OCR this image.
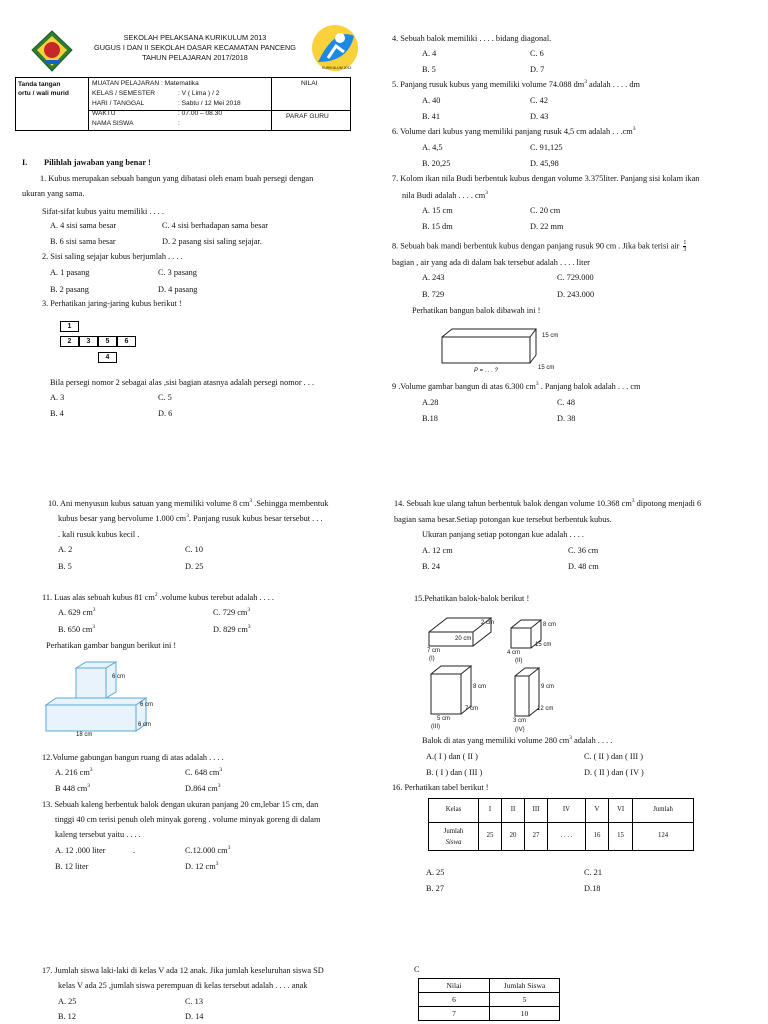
SEKOLAH PELAKSANA KURIKULUM 2013
GUGUS I DAN II SEKOLAH DASAR KECAMATAN PANCENG
TAHUN PELAJARAN 2017/2018
KURIKULUM 2013
Tanda tangan
ortu / wali murid
MUATAN PELAJARAN : Matematika
KELAS / SEMESTER	: V ( Lima ) / 2
HARI / TANGGAL	: Sabtu / 12 Mei 2018
WAKTU	: 07.00 – 08.30
NAMA SISWA	:
NILAI
PARAF GURU
I. Pilihlah jawaban yang benar !
1. Kubus merupakan sebuah bangun yang dibatasi oleh enam buah persegi dengan
ukuran yang sama.
Sifat-sifat kubus yaitu memiliki . . . .
A. 4 sisi sama besar	C. 4 sisi berhadapan sama besar
B. 6 sisi sama besar	D. 2 pasang sisi saling sejajar.
2. Sisi saling sejajar kubus berjumlah . . . .
A. 1 pasang	C. 3 pasang
B. 2 pasang	D. 4 pasang
3. Perhatikan jaring-jaring kubus berikut !
1
2	3	5	6
4
Bila persegi nomor 2 sebagai alas ,sisi bagian atasnya adalah persegi nomor . . .
A. 3	C. 5
B. 4	D. 6
10. Ani menyusun kubus satuan yang memiliki volume 8 $cm^3$ .Sehingga membentuk
kubus besar yang bervolume 1.000 $cm^3$. Panjang rusuk kubus besar tersebut . . .
. kali rusuk kubus kecil .
A. 2	C. 10
B. 5	D. 25
11. Luas alas sebuah kubus 81 $cm^2$ .volume kubus terebut adalah . . . .
A. 629 $cm^3$	C. 729 $cm^3$
B. 650 $cm^3$	D. 829 $cm^3$
Perhatikan gambar bangun berikut ini !
6 cm
6 cm
6 cm
18 cm
12.Volume gabungan bangun ruang di atas adalah . . . .
A. 216 $cm^3$	C. 648 $cm^3$
B 448 $cm^3$	D.864 $cm^3$
13. Sebuah kaleng berbentuk balok dengan ukuran panjang 20 cm,lebar 15 cm, dan
tinggi 40 cm terisi penuh oleh minyak goreng . volume minyak goreng di dalam
kaleng tersebut yaitu . . . .
A. 12 .000 liter	.	C.12.000 $cm^3$
B. 12 liter	D. 12 $cm^3$
17. Jumlah siswa laki-laki di kelas V ada 12 anak. Jika jumlah keseluruhan siswa SD
kelas V ada 25 ,jumlah siswa perempuan di kelas tersebut adalah . . . . anak
A. 25	C. 13
B. 12	D. 14
4. Sebuah balok memiliki . . . . bidang diagonal.
A. 4	C. 6
B. 5	D. 7
5. Panjang rusuk kubus yang memiliki volume 74.088 $dm^3$ adalah . . . . dm
A. 40	C. 42
B. 41	D. 43
6. Volume dari kubus yang memiliki panjang rusuk 4,5 cm adalah . . $.cm^3$
A. 4,5	C. 91,125
B. 20,25	D. 45,98
7. Kolom ikan nila Budi berbentuk kubus dengan volume 3.375liter. Panjang sisi kolam ikan
nila Budi adalah . . . . $cm^3$
A. 15 cm	C. 20 cm
B. 15 dm	D. 22 mm
8. Sebuah bak mandi berbentuk kubus dengan panjang rusuk 90 cm . Jika bak terisi air $\frac{1}{3}$
bagian , air yang ada di dalam bak tersebut adalah . . . . liter
A. 243	C. 729.000
B. 729	D. 243.000
Perhatikan bangun balok dibawah ini !
15 cm
15 cm
P = . . . ?
9 .Volume gambar bangun di atas 6.300 $cm^3$ . Panjang balok adalah . . . cm
A.28	C. 48
B.18	D. 38
14. Sebuah kue ulang tahun berbentuk balok dengan volume 10.368 $cm^3$ dipotong menjadi 6
bagian sama besar.Setiap potongan kue tersebut berbentuk kubus.
Ukuran panjang setiap potongan kue adalah . . . .
A. 12 cm	C. 36 cm
B. 24	D. 48 cm
15.Pehatikan balok-balok berikut !
2 cm
20 cm
7 cm
(I)
8 cm
15 cm
4 cm
(II)
8 cm
7 cm
5 cm
(III)
9 cm
12 cm
3 cm
(IV)
Balok di atas yang memiliki volume 280 $cm^3$ adalah . . . .
A.( I ) dan ( II )	C. ( II ) dan ( III )
B. ( I ) dan ( III )	D. ( II ) dan ( IV )
16. Perhatikan tabel berikut !
Kelas	I	II	III	IV	V	VI	Jumlah
Jumlah
Siswa	25	20	27	. . . .	16	15	124
A. 25	C. 21
B. 27	D.18
C
Nilai	Jumlah Siswa
6	5
7	10
